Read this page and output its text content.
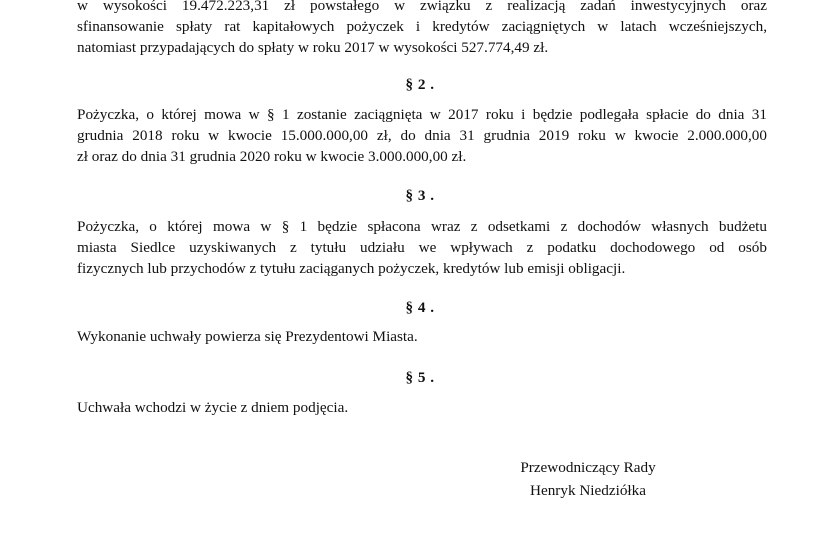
w wysokości 19.472.223,31 zł powstałego w związku z realizacją zadań inwestycyjnych oraz
sfinansowanie spłaty rat kapitałowych pożyczek i kredytów zaciągniętych w latach wcześniejszych,
natomiast przypadających do spłaty w roku 2017 w wysokości 527.774,49 zł.
§ 2 .
Pożyczka, o której mowa w § 1 zostanie zaciągnięta w 2017 roku i będzie podlegała spłacie do dnia 31
grudnia 2018 roku w kwocie 15.000.000,00 zł, do dnia 31 grudnia 2019 roku w kwocie 2.000.000,00
zł oraz do dnia 31 grudnia 2020 roku w kwocie 3.000.000,00 zł.
§ 3 .
Pożyczka, o której mowa w § 1 będzie spłacona wraz z odsetkami z dochodów własnych budżetu
miasta Siedlce uzyskiwanych z tytułu udziału we wpływach z podatku dochodowego od osób
fizycznych lub przychodów z tytułu zaciąganych pożyczek, kredytów lub emisji obligacji.
§ 4 .
Wykonanie uchwały powierza się Prezydentowi Miasta.
§ 5 .
Uchwała wchodzi w życie z dniem podjęcia.
Przewodniczący Rady
Henryk Niedziółka
